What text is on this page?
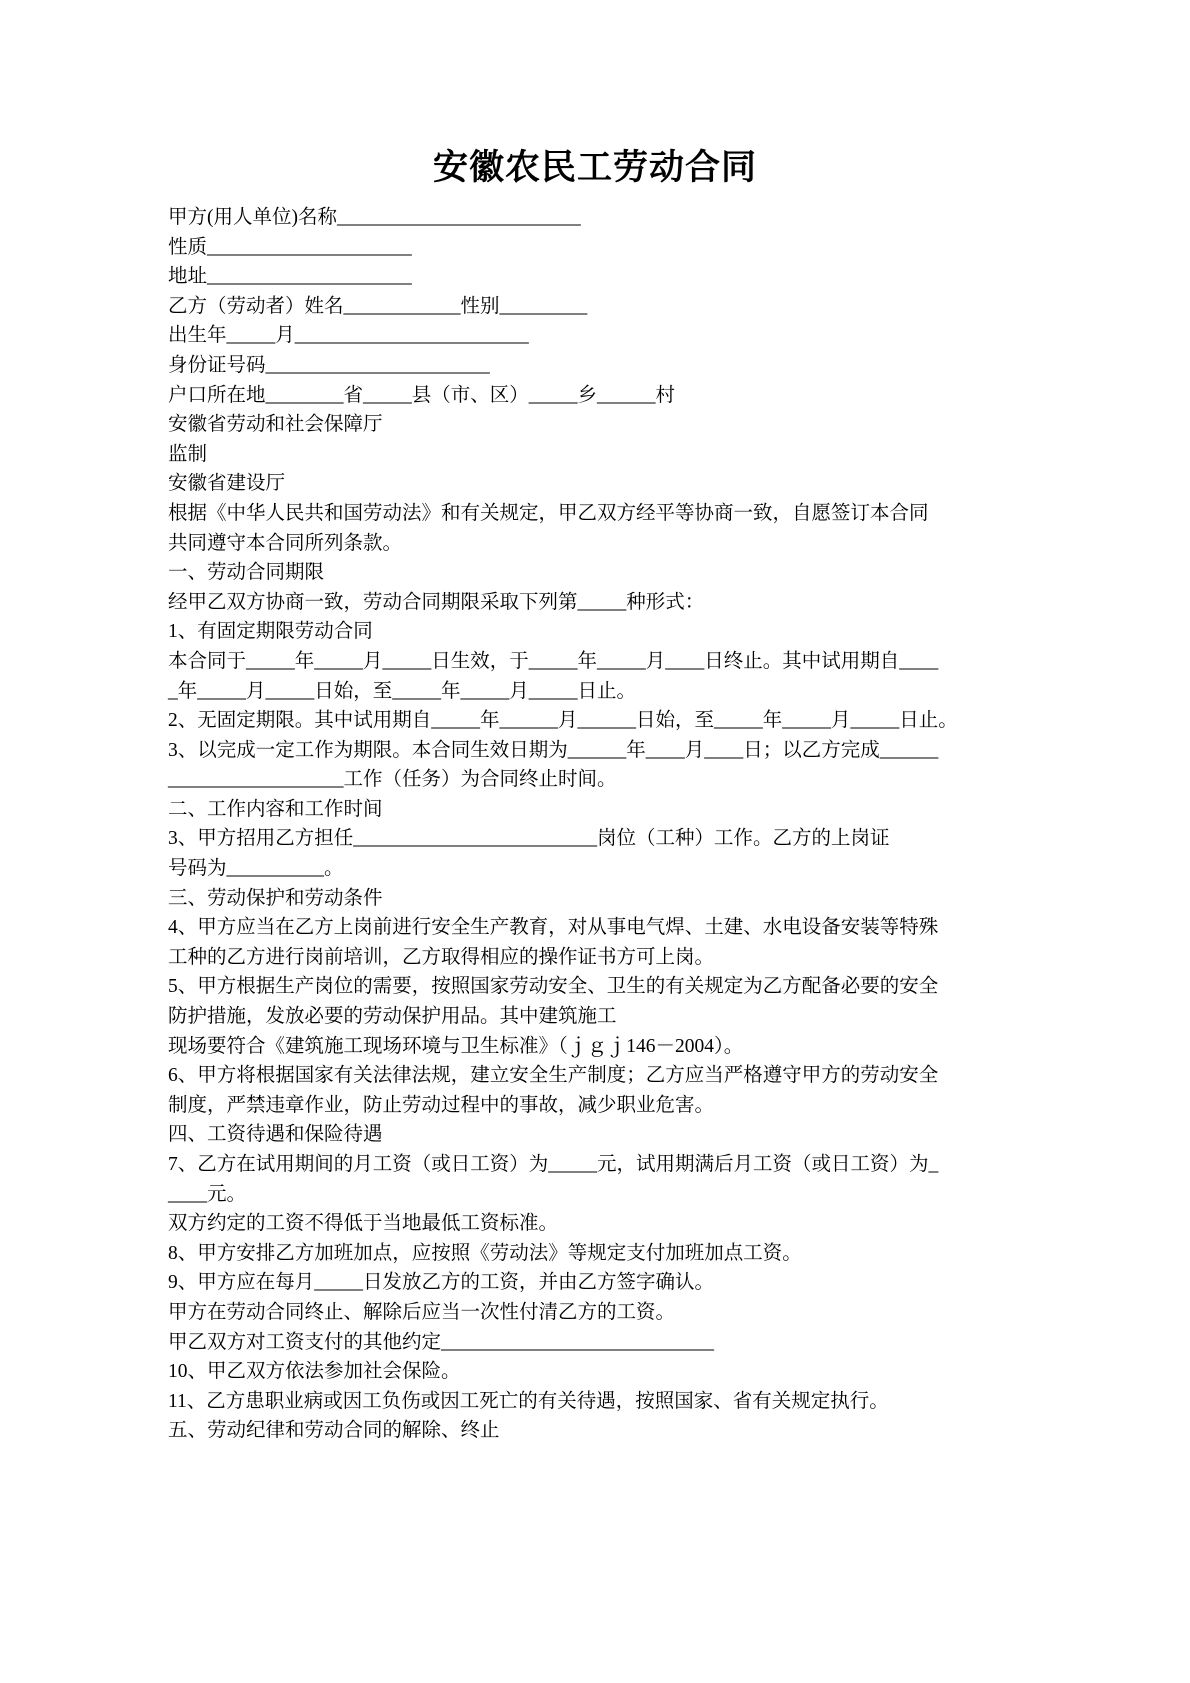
安徽农民工劳动合同
甲方(用人单位)名称_________________________
性质_____________________
地址_____________________
乙方（劳动者）姓名____________性别_________
出生年_____月________________________
身份证号码_______________________
户口所在地________省_____县（市、区）_____乡______村
安徽省劳动和社会保障厅
监制
安徽省建设厅
根据《中华人民共和国劳动法》和有关规定，甲乙双方经平等协商一致，自愿签订本合同
共同遵守本合同所列条款。
一、劳动合同期限
经甲乙双方协商一致，劳动合同期限采取下列第_____种形式：
1、有固定期限劳动合同
本合同于_____年_____月_____日生效，于_____年_____月____日终止。其中试用期自____
_年_____月_____日始，至_____年_____月_____日止。
2、无固定期限。其中试用期自_____年______月______日始，至_____年_____月_____日止。
3、以完成一定工作为期限。本合同生效日期为______年____月____日；以乙方完成______
__________________工作（任务）为合同终止时间。
二、工作内容和工作时间
3、甲方招用乙方担任_________________________岗位（工种）工作。乙方的上岗证
号码为__________。
三、劳动保护和劳动条件
4、甲方应当在乙方上岗前进行安全生产教育，对从事电气焊、土建、水电设备安装等特殊
工种的乙方进行岗前培训，乙方取得相应的操作证书方可上岗。
5、甲方根据生产岗位的需要，按照国家劳动安全、卫生的有关规定为乙方配备必要的安全
防护措施，发放必要的劳动保护用品。其中建筑施工
现场要符合《建筑施工现场环境与卫生标准》（ｊｇｊ146－2004）。
6、甲方将根据国家有关法律法规，建立安全生产制度；乙方应当严格遵守甲方的劳动安全
制度，严禁违章作业，防止劳动过程中的事故，减少职业危害。
四、工资待遇和保险待遇
7、乙方在试用期间的月工资（或日工资）为_____元，试用期满后月工资（或日工资）为_
____元。
双方约定的工资不得低于当地最低工资标准。
8、甲方安排乙方加班加点，应按照《劳动法》等规定支付加班加点工资。
9、甲方应在每月_____日发放乙方的工资，并由乙方签字确认。
甲方在劳动合同终止、解除后应当一次性付清乙方的工资。
甲乙双方对工资支付的其他约定____________________________
10、甲乙双方依法参加社会保险。
11、乙方患职业病或因工负伤或因工死亡的有关待遇，按照国家、省有关规定执行。
五、劳动纪律和劳动合同的解除、终止
